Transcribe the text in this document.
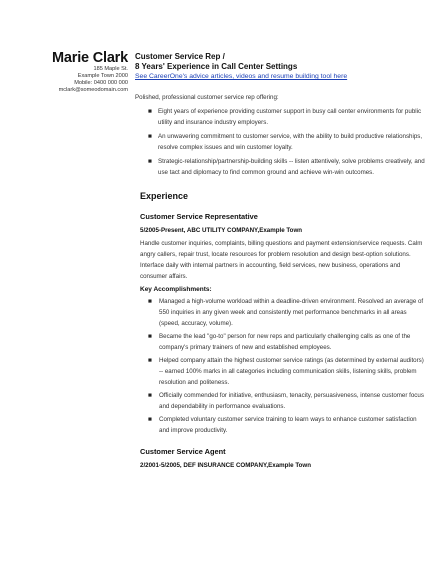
Marie Clark
185 Maple St.
Example Town 2000
Mobile: 0400 000 000
mclark@someodomain.com
Customer Service Rep /
8 Years' Experience in Call Center Settings
See CareerOne's advice articles, videos and resume building tool here
Polished, professional customer service rep offering:
■ Eight years of experience providing customer support in busy call center environments for public utility and insurance industry employers.
■ An unwavering commitment to customer service, with the ability to build productive relationships, resolve complex issues and win customer loyalty.
■ Strategic-relationship/partnership-building skills -- listen attentively, solve problems creatively, and use tact and diplomacy to find common ground and achieve win-win outcomes.
Experience
Customer Service Representative
5/2005-Present, ABC UTILITY COMPANY,Example Town
Handle customer inquiries, complaints, billing questions and payment extension/service requests. Calm angry callers, repair trust, locate resources for problem resolution and design best-option solutions. Interface daily with internal partners in accounting, field services, new business, operations and consumer affairs.
Key Accomplishments:
■ Managed a high-volume workload within a deadline-driven environment. Resolved an average of 550 inquiries in any given week and consistently met performance benchmarks in all areas (speed, accuracy, volume).
■ Became the lead "go-to" person for new reps and particularly challenging calls as one of the company's primary trainers of new and established employees.
■ Helped company attain the highest customer service ratings (as determined by external auditors) -- earned 100% marks in all categories including communication skills, listening skills, problem resolution and politeness.
■ Officially commended for initiative, enthusiasm, tenacity, persuasiveness, intense customer focus and dependability in performance evaluations.
■ Completed voluntary customer service training to learn ways to enhance customer satisfaction and improve productivity.
Customer Service Agent
2/2001-5/2005, DEF INSURANCE COMPANY,Example Town
